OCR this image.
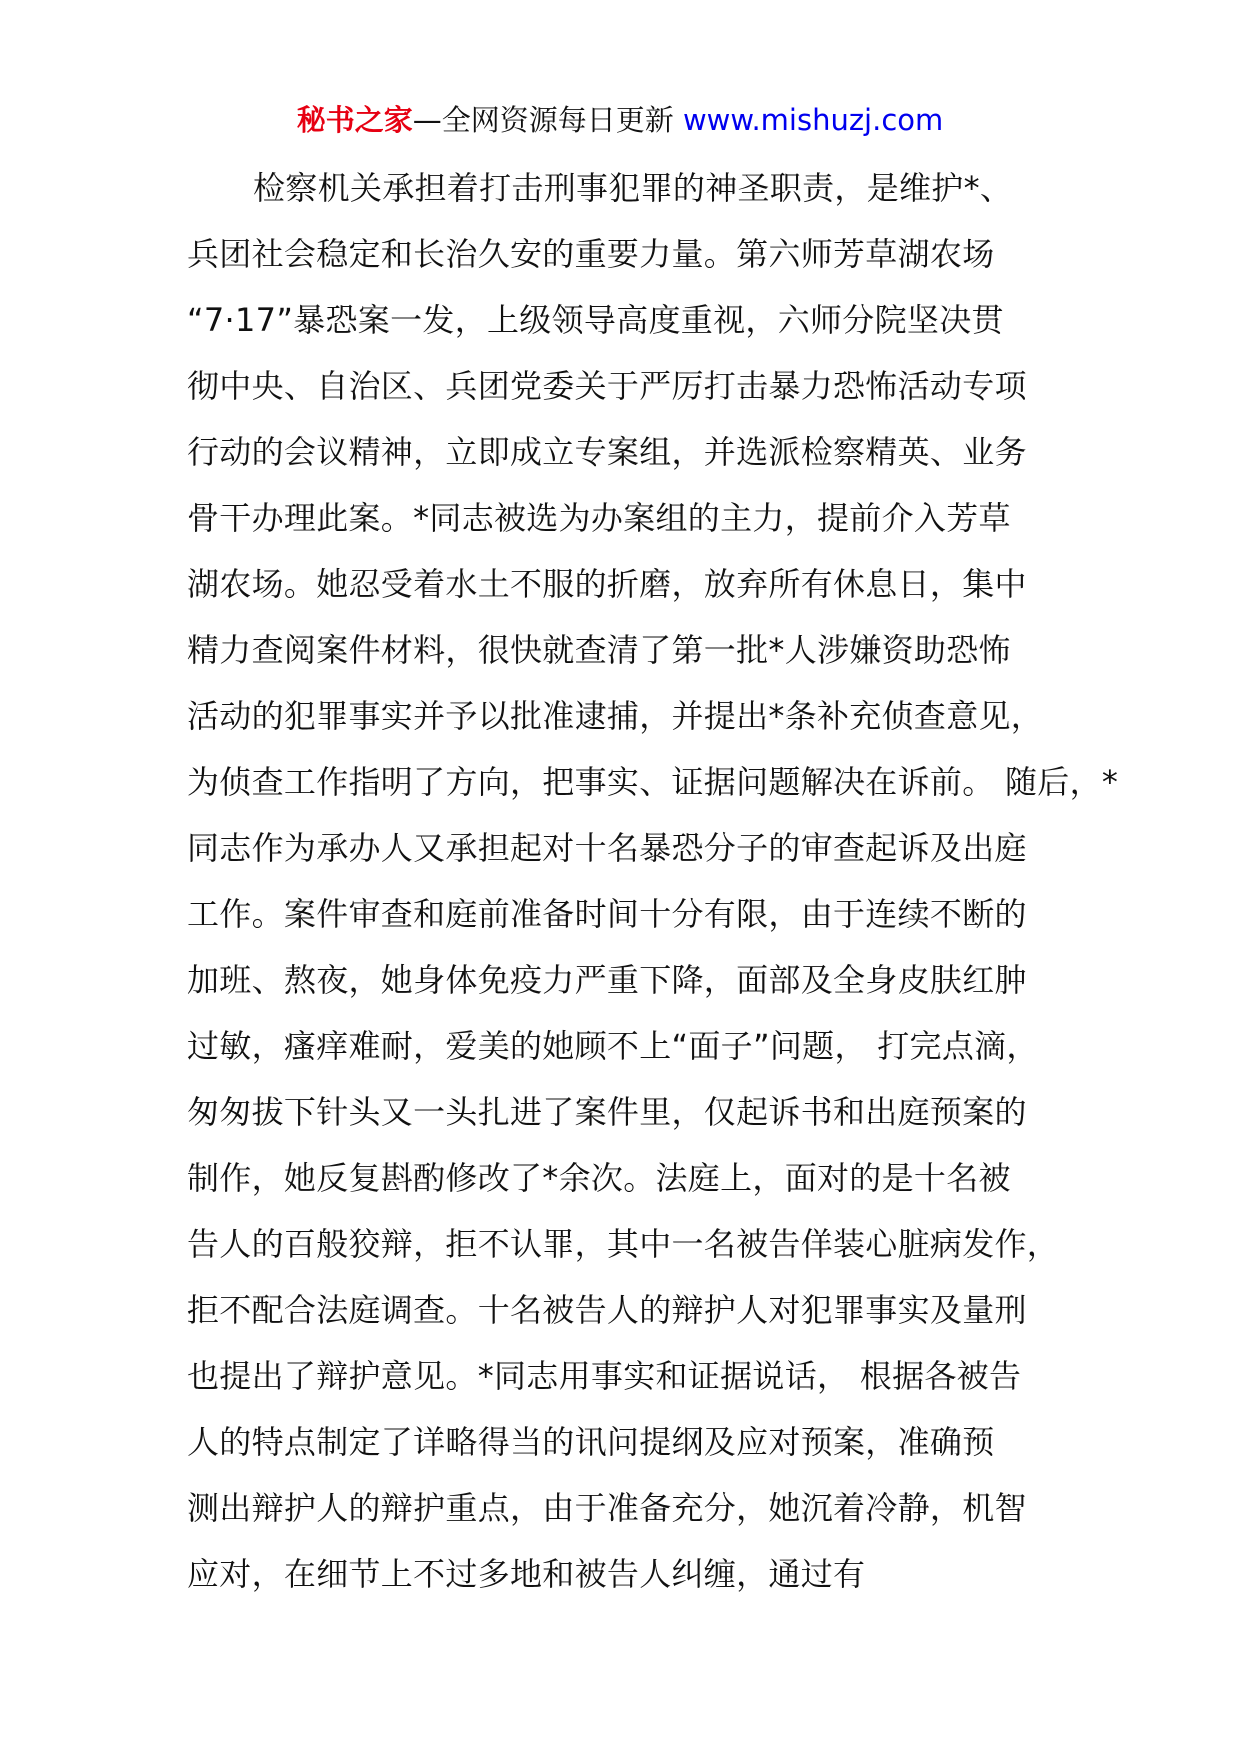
秘书之家—全网资源每日更新 www.mishuzj.com
检察机关承担着打击刑事犯罪的神圣职责，是维护*、
兵团社会稳定和长治久安的重要力量。第六师芳草湖农场
“7·17”暴恐案一发，上级领导高度重视，六师分院坚决贯
彻中央、自治区、兵团党委关于严厉打击暴力恐怖活动专项
行动的会议精神，立即成立专案组，并选派检察精英、业务
骨干办理此案。*同志被选为办案组的主力，提前介入芳草
湖农场。她忍受着水土不服的折磨，放弃所有休息日，集中
精力查阅案件材料，很快就查清了第一批*人涉嫌资助恐怖
活动的犯罪事实并予以批准逮捕，并提出*条补充侦查意见，
为侦查工作指明了方向，把事实、证据问题解决在诉前。 随后，*
同志作为承办人又承担起对十名暴恐分子的审查起诉及出庭
工作。案件审查和庭前准备时间十分有限，由于连续不断的
加班、熬夜，她身体免疫力严重下降，面部及全身皮肤红肿
过敏，瘙痒难耐，爱美的她顾不上“面子”问题， 打完点滴，
匆匆拔下针头又一头扎进了案件里，仅起诉书和出庭预案的
制作，她反复斟酌修改了*余次。法庭上，面对的是十名被
告人的百般狡辩，拒不认罪，其中一名被告佯装心脏病发作，
拒不配合法庭调查。十名被告人的辩护人对犯罪事实及量刑
也提出了辩护意见。*同志用事实和证据说话， 根据各被告
人的特点制定了详略得当的讯问提纲及应对预案，准确预
测出辩护人的辩护重点，由于准备充分，她沉着冷静，机智
应对，在细节上不过多地和被告人纠缠，通过有
